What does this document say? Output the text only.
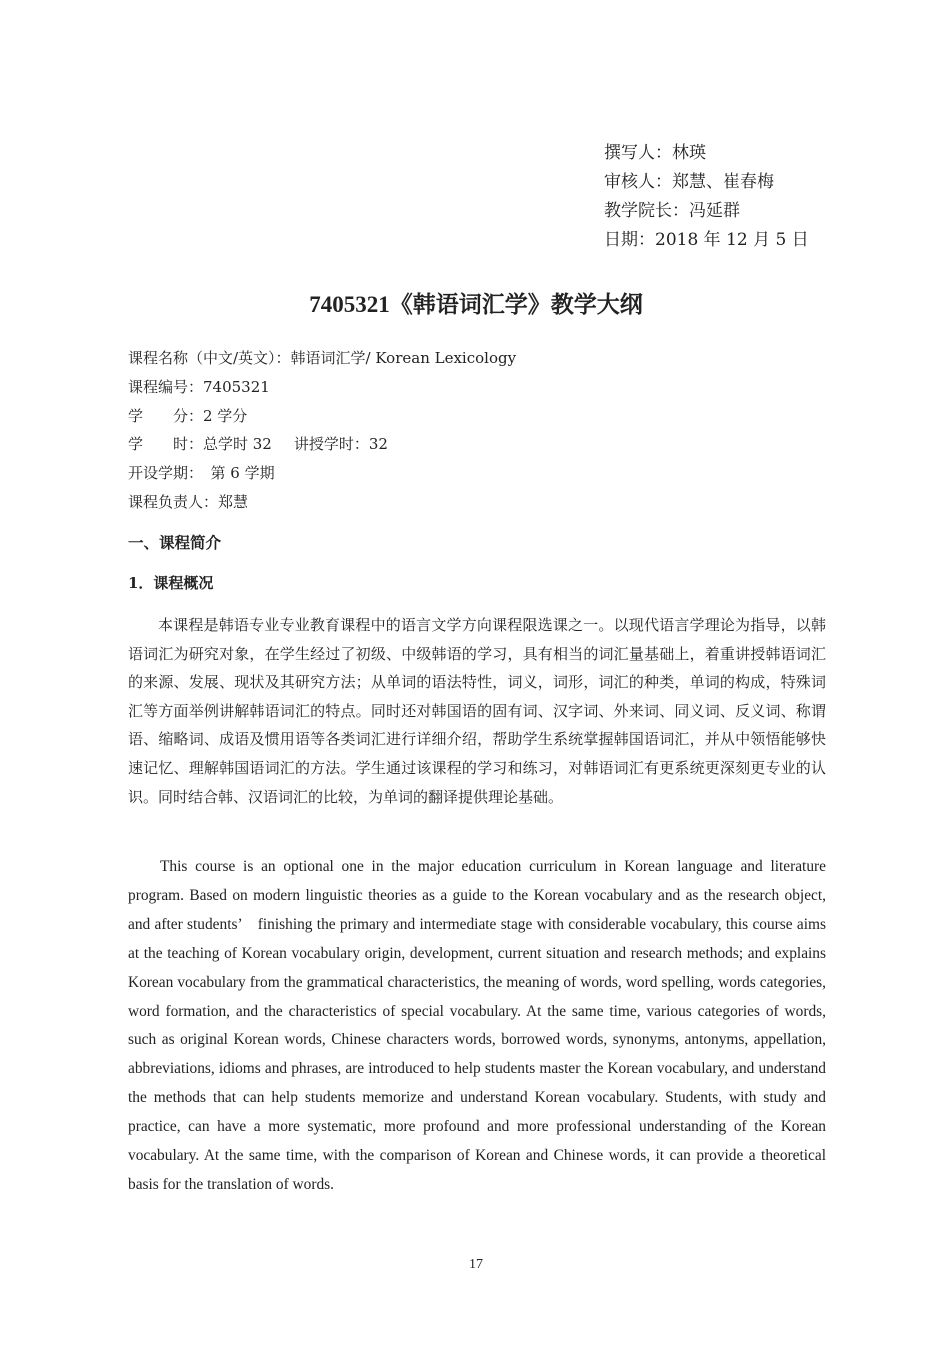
撰写人：林瑛
审核人：郑慧、崔春梅
教学院长：冯延群
日期：2018 年 12 月 5 日
7405321《韩语词汇学》教学大纲
课程名称（中文/英文）：韩语词汇学/ Korean Lexicology
课程编号：7405321
学　　分：2 学分
学　　时：总学时 32 讲授学时：32
开设学期：　第 6 学期
课程负责人：郑慧
一、课程简介
1．课程概况

本课程是韩语专业专业教育课程中的语言文学方向课程限选课之一。以现代语言学理论为指导，以韩语词汇为研究对象，在学生经过了初级、中级韩语的学习，具有相当的词汇量基础上，着重讲授韩语词汇的来源、发展、现状及其研究方法；从单词的语法特性，词义，词形，词汇的种类，单词的构成，特殊词汇等方面举例讲解韩语词汇的特点。同时还对韩国语的固有词、汉字词、外来词、同义词、反义词、称谓语、缩略词、成语及惯用语等各类词汇进行详细介绍，帮助学生系统掌握韩国语词汇，并从中领悟能够快速记忆、理解韩国语词汇的方法。学生通过该课程的学习和练习，对韩语词汇有更系统更深刻更专业的认识。同时结合韩、汉语词汇的比较，为单词的翻译提供理论基础。

This course is an optional one in the major education curriculum in Korean language and literature program. Based on modern linguistic theories as a guide to the Korean vocabulary and as the research object, and after students’　finishing the primary and intermediate stage with considerable vocabulary, this course aims at the teaching of Korean vocabulary origin, development, current situation and research methods; and explains Korean vocabulary from the grammatical characteristics, the meaning of words, word spelling, words categories, word formation, and the characteristics of special vocabulary. At the same time, various categories of words, such as original Korean words, Chinese characters words, borrowed words, synonyms, antonyms, appellation, abbreviations, idioms and phrases, are introduced to help students master the Korean vocabulary, and understand the methods that can help students memorize and understand Korean vocabulary. Students, with study and practice, can have a more systematic, more profound and more professional understanding of the Korean vocabulary. At the same time, with the comparison of Korean and Chinese words, it can provide a theoretical basis for the translation of words.

17
